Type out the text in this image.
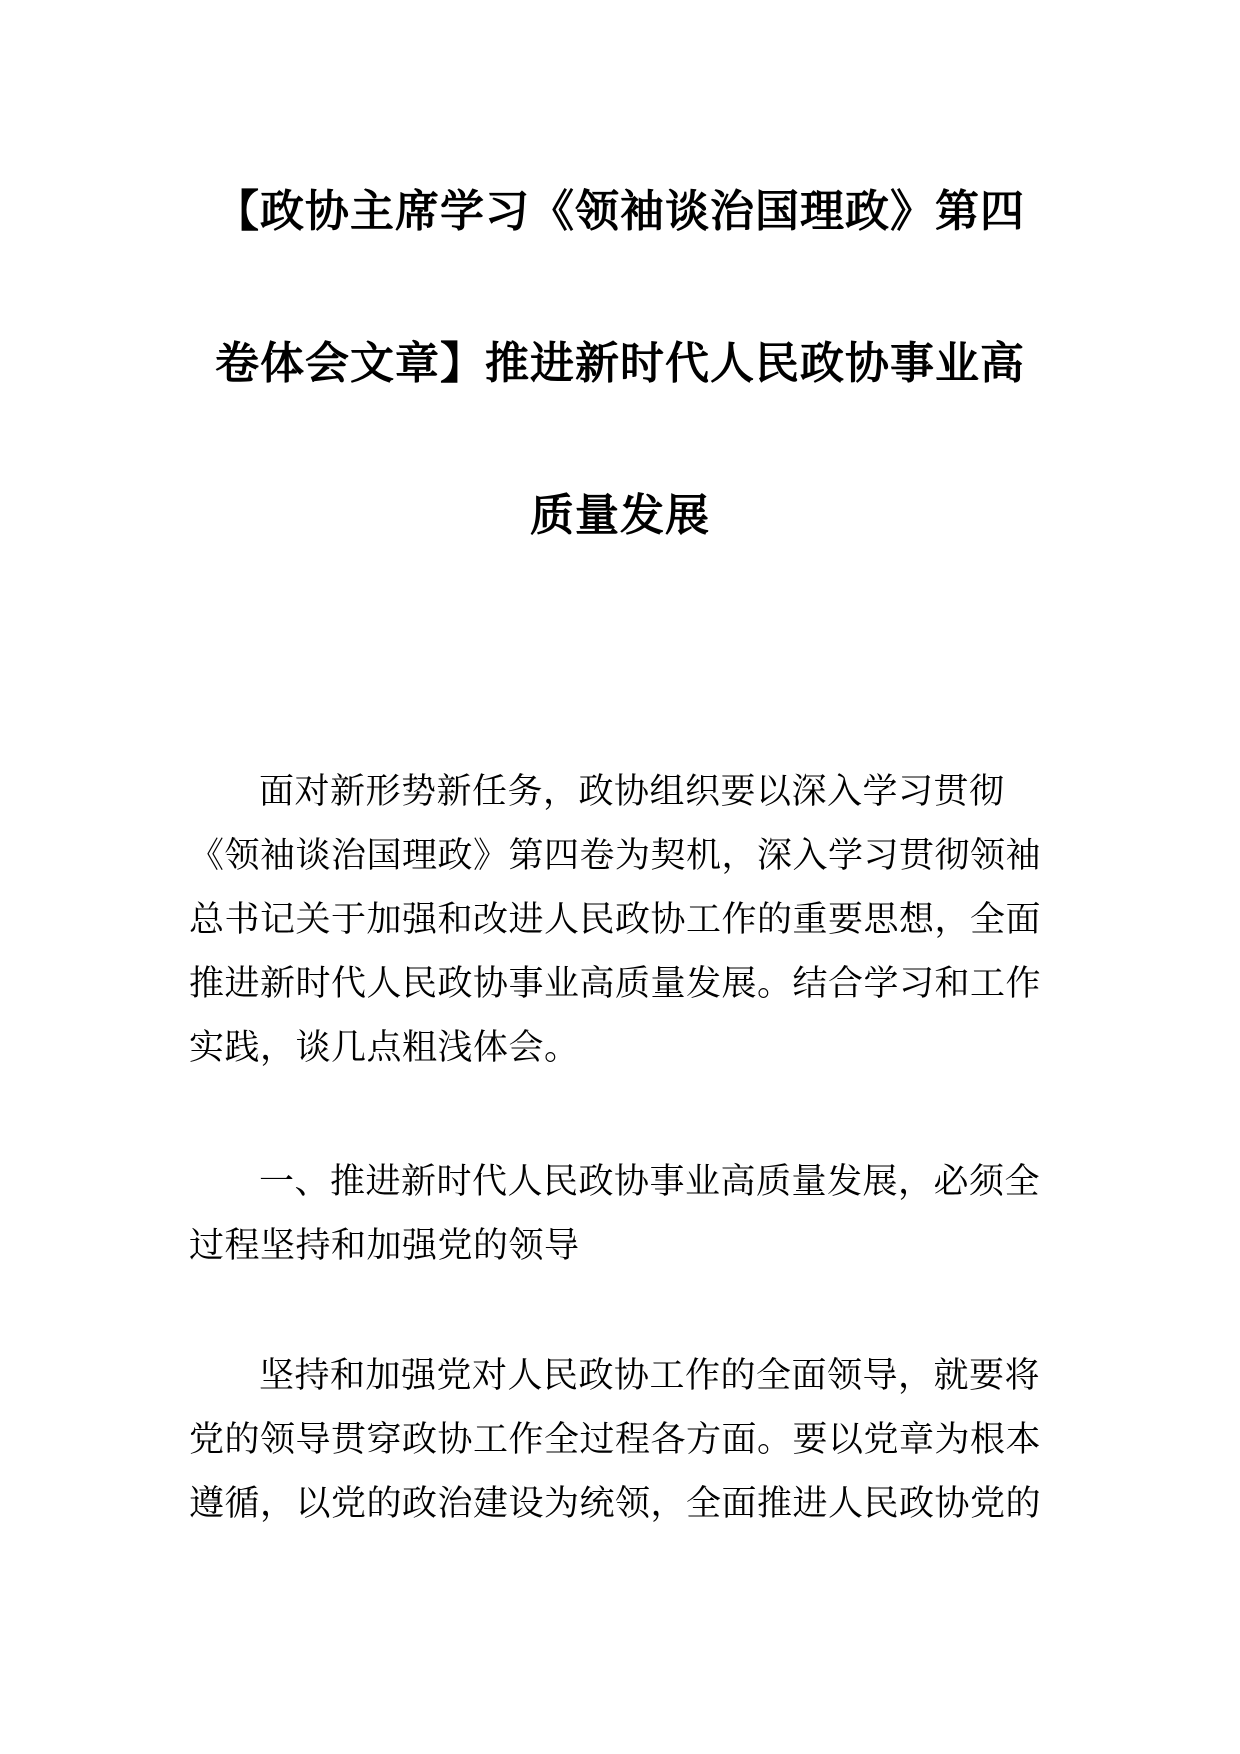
【政协主席学习《领袖谈治国理政》第四
卷体会文章】推进新时代人民政协事业高
质量发展

面对新形势新任务，政协组织要以深入学习贯彻
《领袖谈治国理政》第四卷为契机，深入学习贯彻领袖
总书记关于加强和改进人民政协工作的重要思想，全面
推进新时代人民政协事业高质量发展。结合学习和工作
实践，谈几点粗浅体会。

一、推进新时代人民政协事业高质量发展，必须全
过程坚持和加强党的领导

坚持和加强党对人民政协工作的全面领导，就要将
党的领导贯穿政协工作全过程各方面。要以党章为根本
遵循，以党的政治建设为统领，全面推进人民政协党的
